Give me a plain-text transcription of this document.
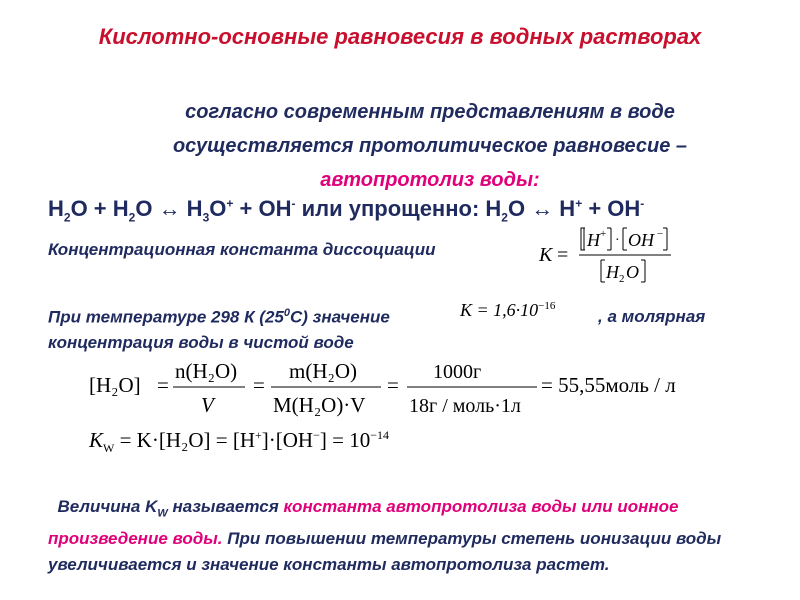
Кислотно-основные равновесия в водных растворах
согласно современным представлениям в воде
осуществляется протолитическое равновесие –
автопротолиз воды:
$H_2O + H_2O$ ↔ $H_3O^+ + OH^-$ или упрощенно: $H_2O$ ↔ H+ + OH-
Концентрационная константа диссоциации	K =
H + · OH −
H 2 O
При температуре 298 К $(25^0С)$ значение	$K = 1,6\cdot 10^{-16}$
, а молярная
концентрация воды в чистой воде
[H₂O] =
n(H₂O)
V
=
m(H₂O)
M(H₂O)·V
=
1000г
18г / моль·1л
= 55,55моль / л
$K_W = K\cdot[H_2O] = [H^+]\cdot[OH^-] = 10^{-14}$
Величина $K_W$ называется константа автопротолиза воды или ионное произведение воды. При повышении температуры степень ионизации воды увеличивается и значение константы автопротолиза растет.
